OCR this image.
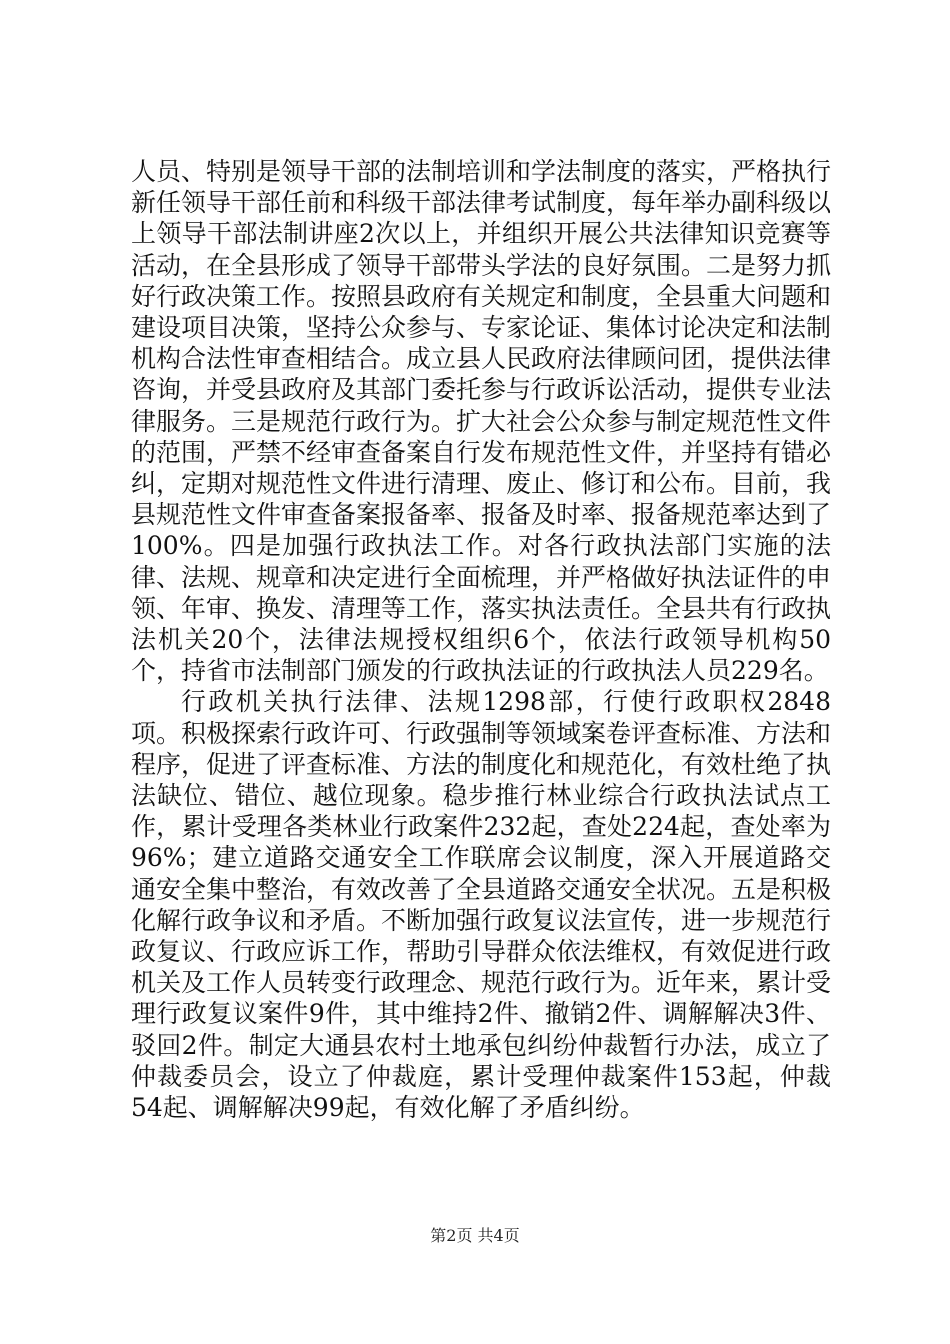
人员、特别是领导干部的法制培训和学法制度的落实，严格执行新任领导干部任前和科级干部法律考试制度，每年举办副科级以上领导干部法制讲座2次以上，并组织开展公共法律知识竞赛等活动，在全县形成了领导干部带头学法的良好氛围。二是努力抓好行政决策工作。按照县政府有关规定和制度，全县重大问题和建设项目决策，坚持公众参与、专家论证、集体讨论决定和法制机构合法性审查相结合。成立县人民政府法律顾问团，提供法律咨询，并受县政府及其部门委托参与行政诉讼活动，提供专业法律服务。三是规范行政行为。扩大社会公众参与制定规范性文件的范围，严禁不经审查备案自行发布规范性文件，并坚持有错必纠，定期对规范性文件进行清理、废止、修订和公布。目前，我县规范性文件审查备案报备率、报备及时率、报备规范率达到了100%。四是加强行政执法工作。对各行政执法部门实施的法律、法规、规章和决定进行全面梳理，并严格做好执法证件的申领、年审、换发、清理等工作，落实执法责任。全县共有行政执法机关20个，法律法规授权组织6个，依法行政领导机构50个，持省市法制部门颁发的行政执法证的行政执法人员229名。

行政机关执行法律、法规1298部，行使行政职权2848项。积极探索行政许可、行政强制等领域案卷评查标准、方法和程序，促进了评查标准、方法的制度化和规范化，有效杜绝了执法缺位、错位、越位现象。稳步推行林业综合行政执法试点工作，累计受理各类林业行政案件232起，查处224起，查处率为96%；建立道路交通安全工作联席会议制度，深入开展道路交通安全集中整治，有效改善了全县道路交通安全状况。五是积极化解行政争议和矛盾。不断加强行政复议法宣传，进一步规范行政复议、行政应诉工作，帮助引导群众依法维权，有效促进行政机关及工作人员转变行政理念、规范行政行为。近年来，累计受理行政复议案件9件，其中维持2件、撤销2件、调解解决3件、驳回2件。制定大通县农村土地承包纠纷仲裁暂行办法，成立了仲裁委员会，设立了仲裁庭，累计受理仲裁案件153起，仲裁54起、调解解决99起，有效化解了矛盾纠纷。

第2页 共4页
